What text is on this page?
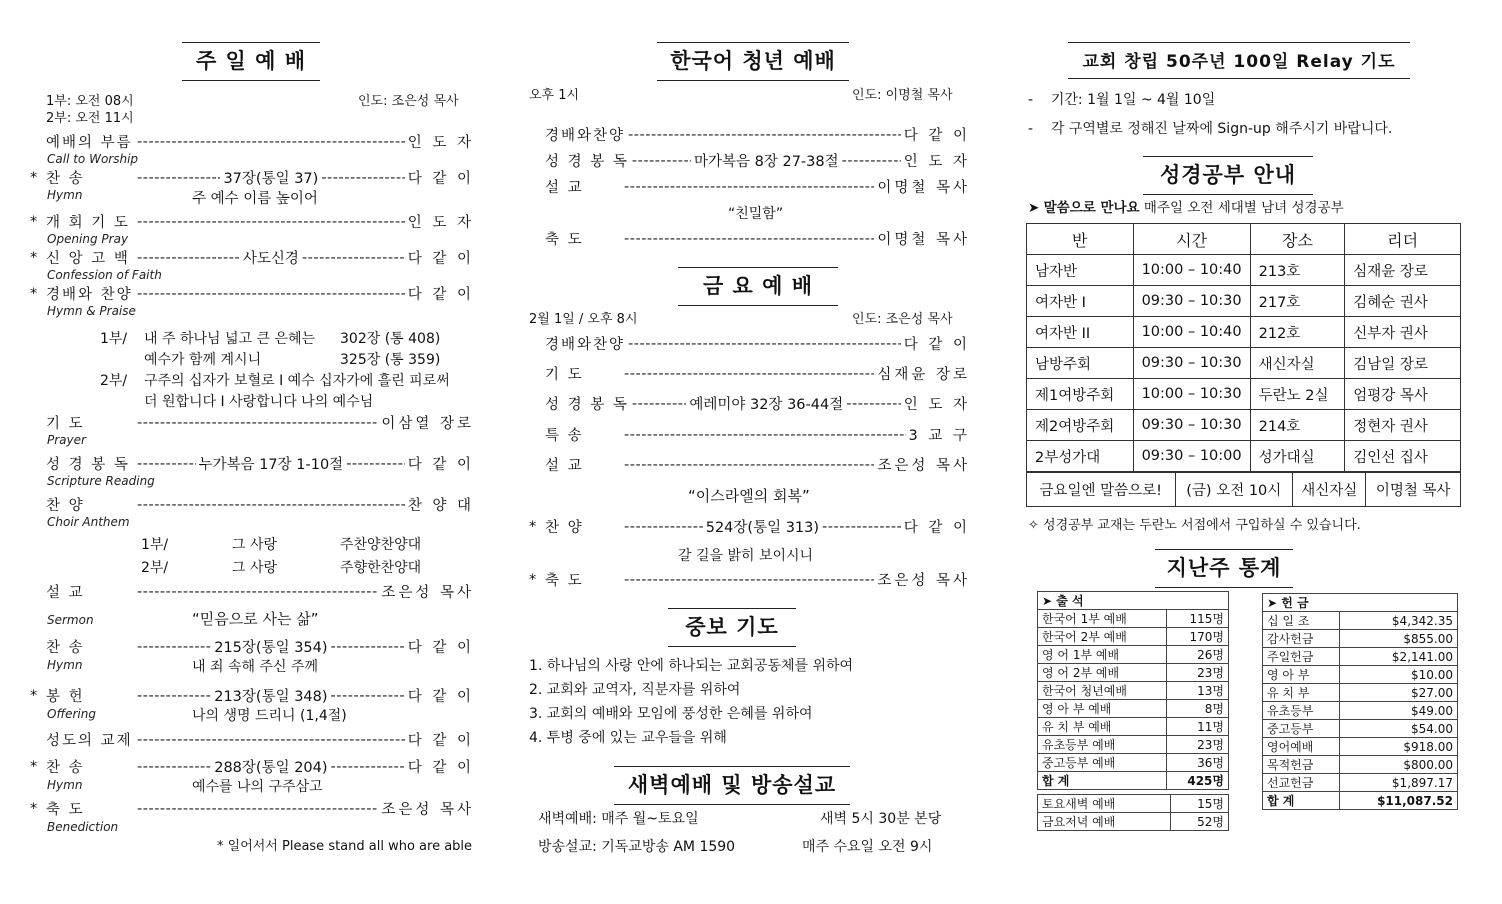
주 일 예 배
1부: 오전 08시
2부: 오전 11시
인도: 조은성 목사
예배의 부름 -----	인 도 자
Call to Worship
* 찬 송 -----	37장(통일 37) -----	다 같 이
Hymn	주 예수 이름 높이어
* 개 회 기 도 -----	인 도 자
Opening Pray
* 신 앙 고 백 -----	사도신경 -----	다 같 이
Confession of Faith
* 경배와 찬양 -----	다 같 이
Hymn & Praise
1부/ 내 주 하나님 넓고 큰 은혜는 302장 (통 408)
예수가 함께 계시니	325장 (통 359)
2부/ 구주의 십자가 보혈로 I 예수 십자가에 흘린 피로써
더 원합니다 I 사랑합니다 나의 예수님
기 도 -----	이삼열 장로
Prayer
성 경 봉 독 -----	누가복음 17장 1-10절 -----	다 같 이
Scripture Reading
찬 양 -----	찬 양 대
Choir Anthem
1부/	그 사랑	주찬양찬양대
2부/	그 사랑	주향한찬양대
설 교 -----	조은성 목사
Sermon	“믿음으로 사는 삶”
찬 송 -----	215장(통일 354) -----	다 같 이
Hymn	내 죄 속해 주신 주께
* 봉 헌 -----	213장(통일 348) -----	다 같 이
Offering	나의 생명 드리니 (1,4절)
성도의 교제 -----	다 같 이
* 찬 송 -----	288장(통일 204) -----	다 같 이
Hymn	예수를 나의 구주삼고
* 축 도 -----	조은성 목사
Benediction
* 일어서서 Please stand all who are able
한국어 청년 예배
오후 1시	인도: 이명철 목사
경배와찬양 -----	다 같 이
성 경 봉 독 -----	마가복음 8장 27-38절 -----	인 도 자
설 교 -----	이명철 목사
축 도 -----	이명철 목사
“친밀함”
금 요 예 배
2월 1일 / 오후 8시	인도: 조은성 목사
경배와찬양 -----	다 같 이
기 도 -----	심재윤 장로
성 경 봉 독 -----	예레미야 32장 36-44절 -----	인 도 자
특 송 -----	3 교 구
설 교 -----	조은성 목사
* 찬 양 -----	524장(통일 313) -----	다 같 이
갈 길을 밝히 보이시니
* 축 도 -----	조은성 목사
“이스라엘의 회복”
중보 기도
1. 하나님의 사랑 안에 하나되는 교회공동체를 위하여
2. 교회와 교역자, 직분자를 위하여
3. 교회의 예배와 모임에 풍성한 은혜를 위하여
4. 투병 중에 있는 교우들을 위해
새벽예배 및 방송설교
새벽예배: 매주 월~토요일	새벽 5시 30분 본당
방송설교: 기독교방송 AM 1590	매주 수요일 오전 9시
교회 창립 50주년 100일 Relay 기도
-    기간: 1월 1일 ~ 4월 10일
-    각 구역별로 정해진 날짜에 Sign-up 해주시기 바랍니다.
성경공부 안내
➤ 말씀으로 만나요 매주일 오전 세대별 남녀 성경공부
반	시간	장소	리더
남자반	10:00 – 10:40	213호	심재윤 장로
여자반 I	09:30 – 10:30	217호	김혜순 권사
여자반 II	10:00 – 10:40	212호	신부자 권사
남방주회	09:30 – 10:30	새신자실	김남일 장로
제1여방주회	10:00 – 10:30	두란노 2실	엄평강 목사
제2여방주회	09:30 – 10:30	214호	정현자 권사
2부성가대	09:30 – 10:00	성가대실	김인선 집사
금요일엔 말씀으로!	(금) 오전 10시	새신자실	이명철 목사
✧ 성경공부 교재는 두란노 서점에서 구입하실 수 있습니다.
지난주 통계
➤ 출 석	
한국어 1부 예배	115명
한국어 2부 예배	170명
영 어 1부 예배	26명
영 어 2부 예배	23명
한국어 청년예배	13명
영 아 부 예배	8명
유 치 부 예배	11명
유초등부 예배	23명
중고등부 예배	36명
합 계	425명
토요새벽 예배	15명
금요저녁 예배	52명
➤ 헌 금	
십 일 조	$4,342.35
감사헌금	$855.00
주일헌금	$2,141.00
영 아 부	$10.00
유 치 부	$27.00
유초등부	$49.00
중고등부	$54.00
영어예배	$918.00
목적헌금	$800.00
선교헌금	$1,897.17
합 계	$11,087.52
